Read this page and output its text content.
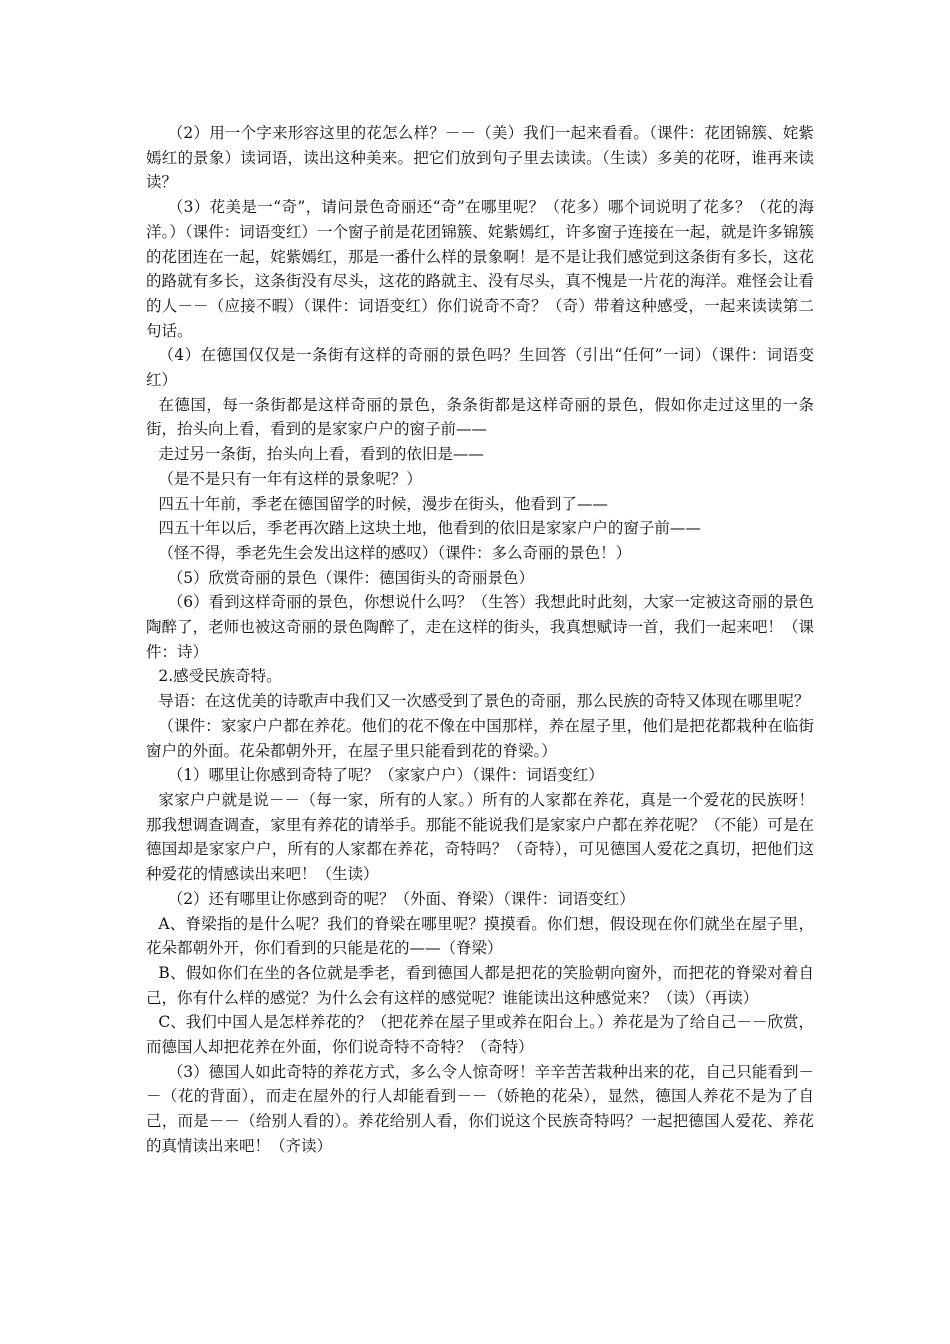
（2）用一个字来形容这里的花怎么样？－－（美）我们一起来看看。（课件：花团锦簇、姹紫嫣红的景象）读词语，读出这种美来。把它们放到句子里去读读。（生读）多美的花呀，谁再来读读？

（3）花美是一“奇”，请问景色奇丽还“奇”在哪里呢？（花多）哪个词说明了花多？（花的海洋。）（课件：词语变红）一个窗子前是花团锦簇、姹紫嫣红，许多窗子连接在一起，就是许多锦簇的花团连在一起，姹紫嫣红，那是一番什么样的景象啊！是不是让我们感觉到这条街有多长，这花的路就有多长，这条街没有尽头，这花的路就主、没有尽头，真不愧是一片花的海洋。难怪会让看的人－－（应接不暇）（课件：词语变红）你们说奇不奇？（奇）带着这种感受，一起来读读第二句话。

（4）在德国仅仅是一条街有这样的奇丽的景色吗？生回答（引出“任何”一词）（课件：词语变红）

在德国，每一条街都是这样奇丽的景色，条条街都是这样奇丽的景色，假如你走过这里的一条街，抬头向上看，看到的是家家户户的窗子前——

走过另一条街，抬头向上看，看到的依旧是——

（是不是只有一年有这样的景象呢？）

四五十年前，季老在德国留学的时候，漫步在街头，他看到了——

四五十年以后，季老再次踏上这块土地，他看到的依旧是家家户户的窗子前——

（怪不得，季老先生会发出这样的感叹）（课件：多么奇丽的景色！）

（5）欣赏奇丽的景色（课件：德国街头的奇丽景色）

（6）看到这样奇丽的景色，你想说什么吗？（生答）我想此时此刻，大家一定被这奇丽的景色陶醉了，老师也被这奇丽的景色陶醉了，走在这样的街头，我真想赋诗一首，我们一起来吧！（课件：诗）

2.感受民族奇特。

导语：在这优美的诗歌声中我们又一次感受到了景色的奇丽，那么民族的奇特又体现在哪里呢？

（课件：家家户户都在养花。他们的花不像在中国那样，养在屋子里，他们是把花都栽种在临街窗户的外面。花朵都朝外开，在屋子里只能看到花的脊梁。）

（1）哪里让你感到奇特了呢？（家家户户）（课件：词语变红）

家家户户就是说－－（每一家，所有的人家。）所有的人家都在养花，真是一个爱花的民族呀！那我想调查调查，家里有养花的请举手。那能不能说我们是家家户户都在养花呢？（不能）可是在德国却是家家户户，所有的人家都在养花，奇特吗？（奇特），可见德国人爱花之真切，把他们这种爱花的情感读出来吧！（生读）

（2）还有哪里让你感到奇的呢？（外面、脊梁）（课件：词语变红）

A、脊梁指的是什么呢？我们的脊梁在哪里呢？摸摸看。你们想，假设现在你们就坐在屋子里，花朵都朝外开，你们看到的只能是花的——（脊梁）

B、假如你们在坐的各位就是季老，看到德国人都是把花的笑脸朝向窗外，而把花的脊梁对着自己，你有什么样的感觉？为什么会有这样的感觉呢？谁能读出这种感觉来？（读）（再读）

C、我们中国人是怎样养花的？（把花养在屋子里或养在阳台上。）养花是为了给自己－－欣赏，而德国人却把花养在外面，你们说奇特不奇特？（奇特）

（3）德国人如此奇特的养花方式，多么令人惊奇呀！辛辛苦苦栽种出来的花，自己只能看到－－（花的背面），而走在屋外的行人却能看到－－（娇艳的花朵），显然，德国人养花不是为了自己，而是－－（给别人看的）。养花给别人看，你们说这个民族奇特吗？一起把德国人爱花、养花的真情读出来吧！（齐读）
